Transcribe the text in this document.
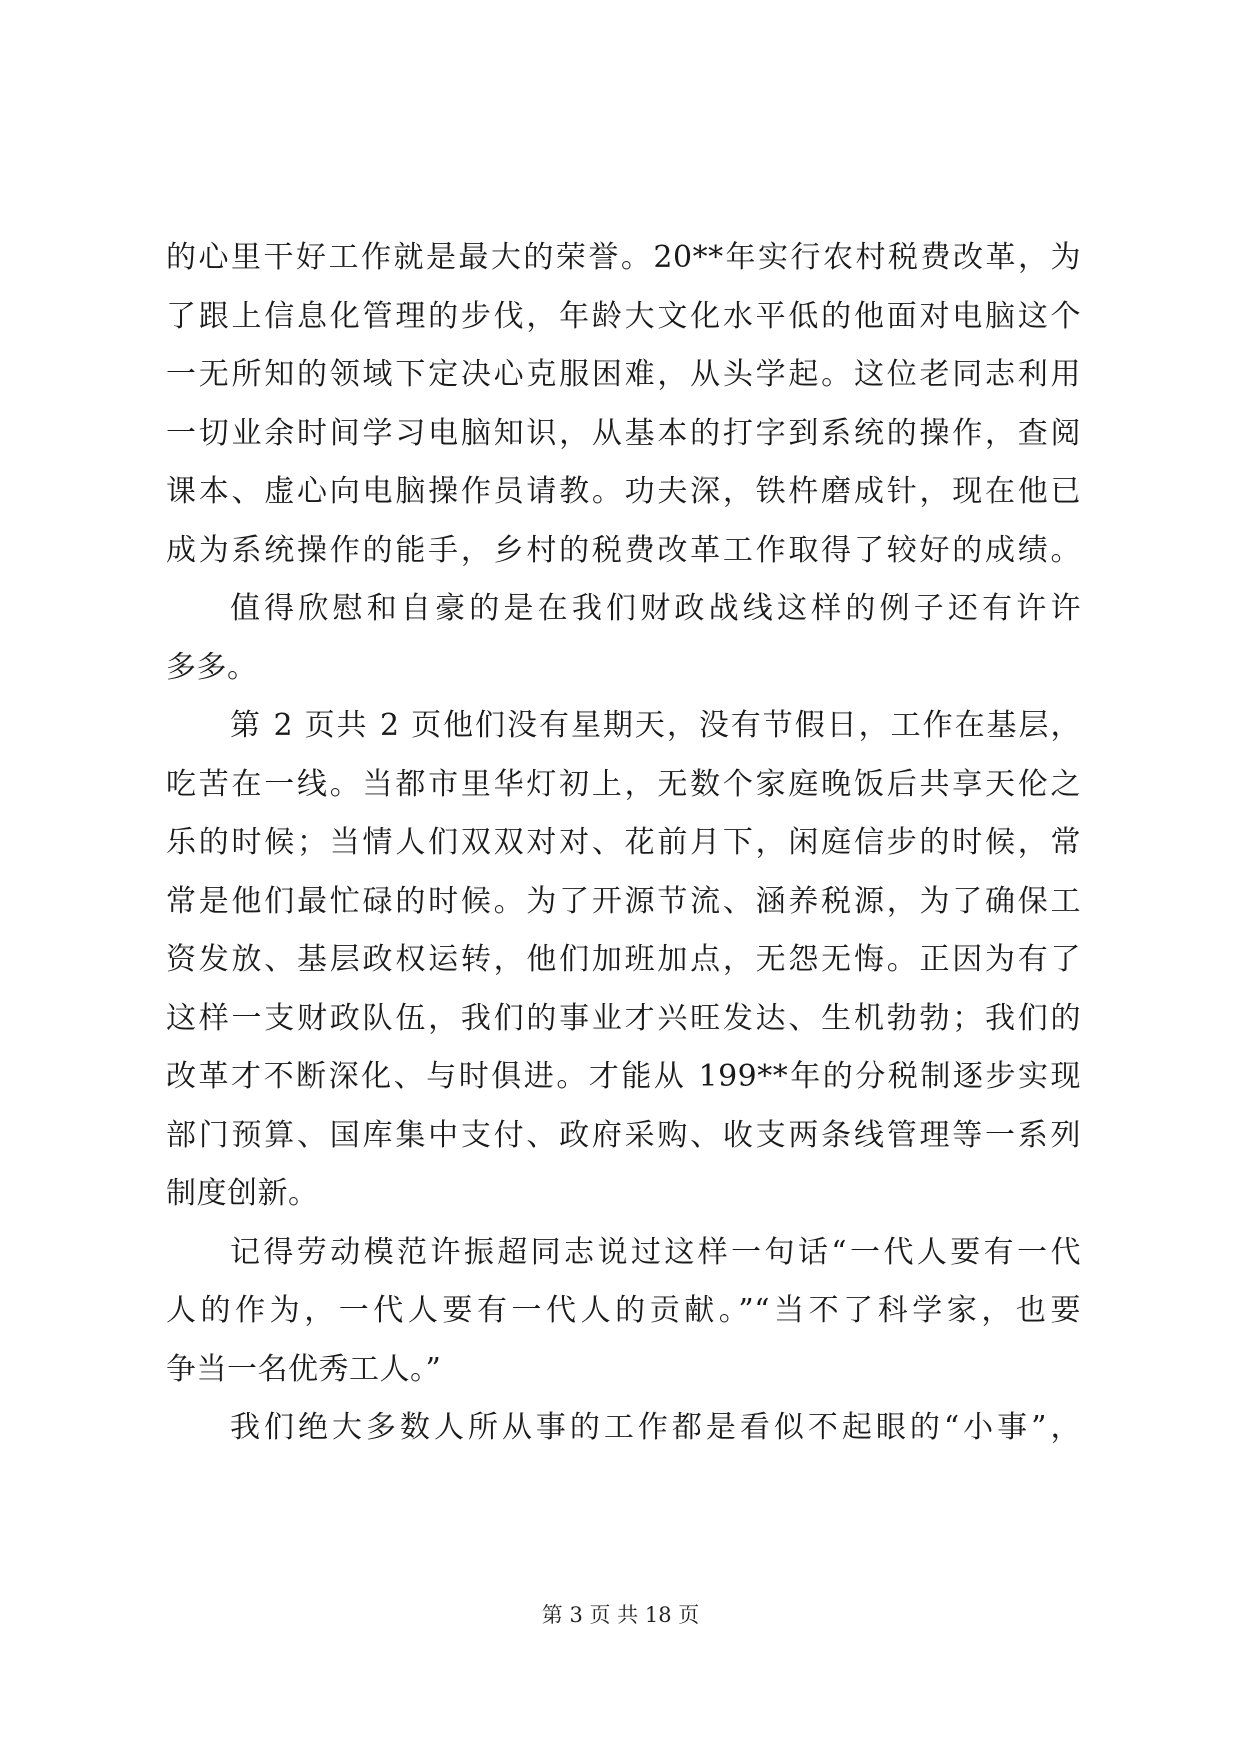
的心里干好工作就是最大的荣誉。20**年实行农村税费改革，为
了跟上信息化管理的步伐，年龄大文化水平低的他面对电脑这个
一无所知的领域下定决心克服困难，从头学起。这位老同志利用
一切业余时间学习电脑知识，从基本的打字到系统的操作，查阅
课本、虚心向电脑操作员请教。功夫深，铁杵磨成针，现在他已
成为系统操作的能手，乡村的税费改革工作取得了较好的成绩。
值得欣慰和自豪的是在我们财政战线这样的例子还有许许
多多。
第 2 页共 2 页他们没有星期天，没有节假日，工作在基层，
吃苦在一线。当都市里华灯初上，无数个家庭晚饭后共享天伦之
乐的时候；当情人们双双对对、花前月下，闲庭信步的时候，常
常是他们最忙碌的时候。为了开源节流、涵养税源，为了确保工
资发放、基层政权运转，他们加班加点，无怨无悔。正因为有了
这样一支财政队伍，我们的事业才兴旺发达、生机勃勃；我们的
改革才不断深化、与时俱进。才能从 199**年的分税制逐步实现
部门预算、国库集中支付、政府采购、收支两条线管理等一系列
制度创新。
记得劳动模范许振超同志说过这样一句话“一代人要有一代
人的作为，一代人要有一代人的贡献。”“当不了科学家，也要
争当一名优秀工人。”
我们绝大多数人所从事的工作都是看似不起眼的“小事”，
第 3 页 共 18 页
